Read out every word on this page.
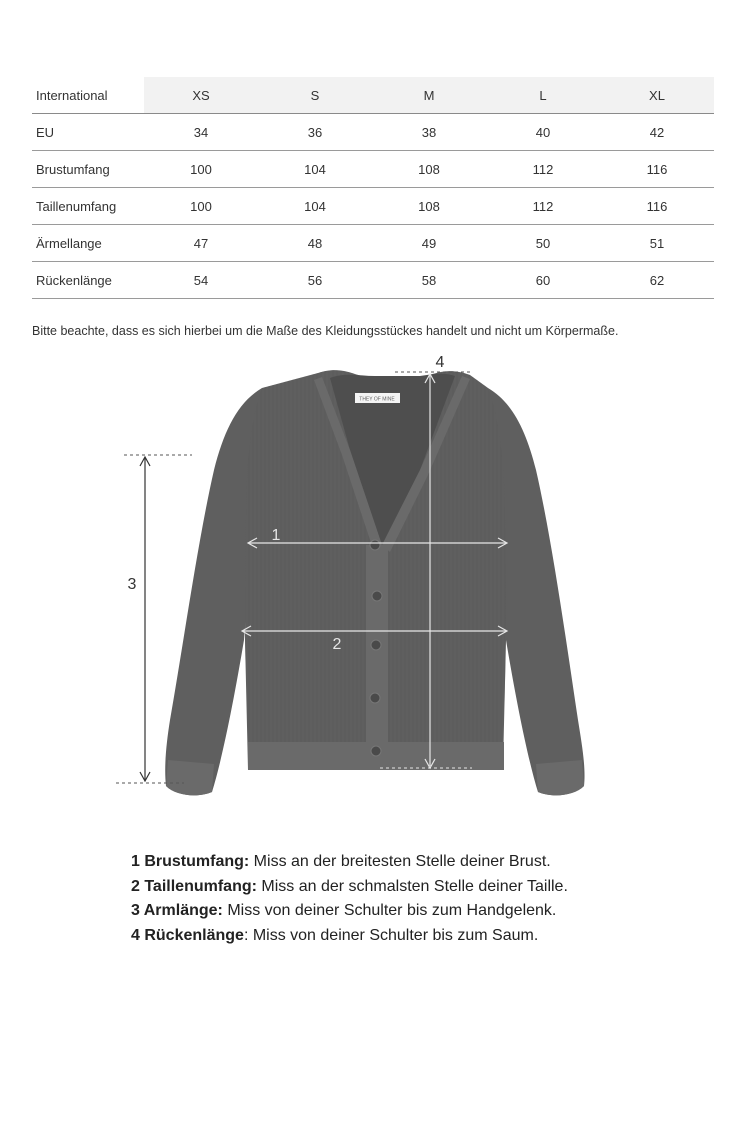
International	XS	S	M	L	XL
EU	34	36	38	40	42
Brustumfang	100	104	108	112	116
Taillenumfang	100	104	108	112	116
Ärmellange	47	48	49	50	51
Rückenlänge	54	56	58	60	62
Bitte beachte, dass es sich hierbei um die Maße des Kleidungsstückes handelt und nicht um Körpermaße.
THEY OF MINE
3
4
1
2
1 Brustumfang: Miss an der breitesten Stelle deiner Brust.
2 Taillenumfang: Miss an der schmalsten Stelle deiner Taille.
3 Armlänge: Miss von deiner Schulter bis zum Handgelenk.
4 Rückenlänge: Miss von deiner Schulter bis zum Saum.
